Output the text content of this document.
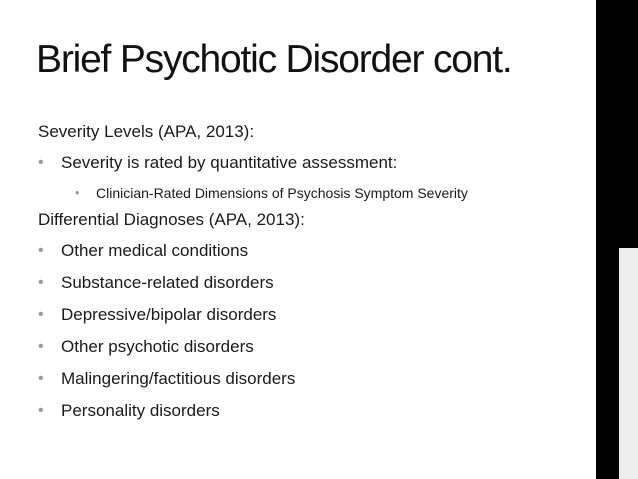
Brief Psychotic Disorder cont.
Severity Levels (APA, 2013):
• Severity is rated by quantitative assessment:
• Clinician-Rated Dimensions of Psychosis Symptom Severity
Differential Diagnoses (APA, 2013):
• Other medical conditions
• Substance-related disorders
• Depressive/bipolar disorders
• Other psychotic disorders
• Malingering/factitious disorders
• Personality disorders
